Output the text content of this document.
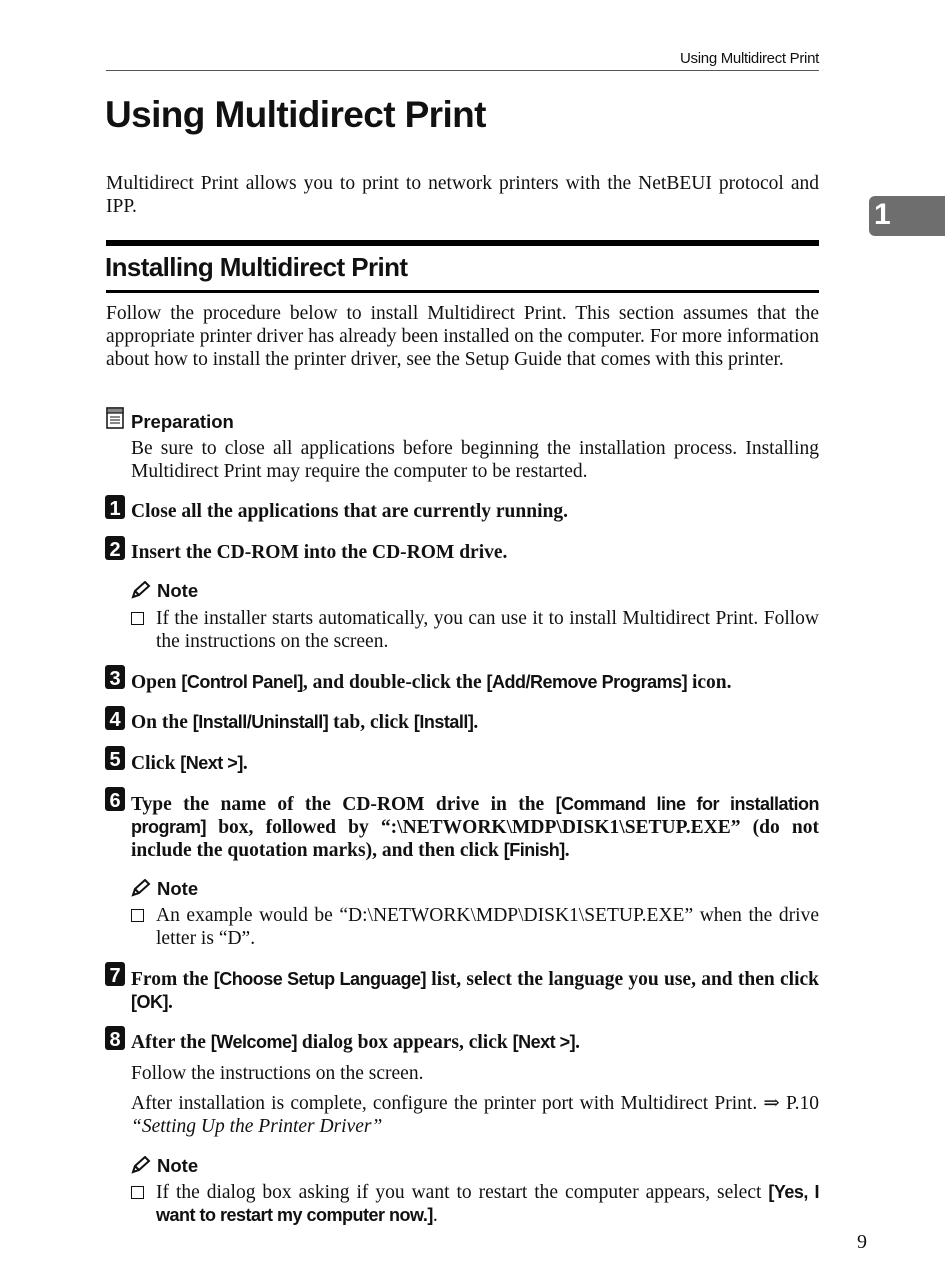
Using Multidirect Print
1
Using Multidirect Print

Multidirect Print allows you to print to network printers with the NetBEUI protocol and IPP.

Installing Multidirect Print

Follow the procedure below to install Multidirect Print. This section assumes that the appropriate printer driver has already been installed on the computer. For more information about how to install the printer driver, see the Setup Guide that comes with this printer.

Preparation

Be sure to close all applications before beginning the installation process. Installing Multidirect Print may require the computer to be restarted.

1 Close all the applications that are currently running.
2 Insert the CD-ROM into the CD-ROM drive.
Note
If the installer starts automatically, you can use it to install Multidirect Print. Follow the instructions on the screen.
3 Open [Control Panel], and double-click the [Add/Remove Programs] icon.
4 On the [Install/Uninstall] tab, click [Install].
5 Click [Next >].
6 Type the name of the CD-ROM drive in the [Command line for installation program] box, followed by “:\NETWORK\MDP\DISK1\SETUP.EXE” (do not include the quotation marks), and then click [Finish].
Note
An example would be “D:\NETWORK\MDP\DISK1\SETUP.EXE” when the drive letter is “D”.
7 From the [Choose Setup Language] list, select the language you use, and then click [OK].
8 After the [Welcome] dialog box appears, click [Next >].
Follow the instructions on the screen.
After installation is complete, configure the printer port with Multidirect Print. ⇒ P.10 “Setting Up the Printer Driver”
Note
If the dialog box asking if you want to restart the computer appears, select [Yes, I want to restart my computer now.].
9
